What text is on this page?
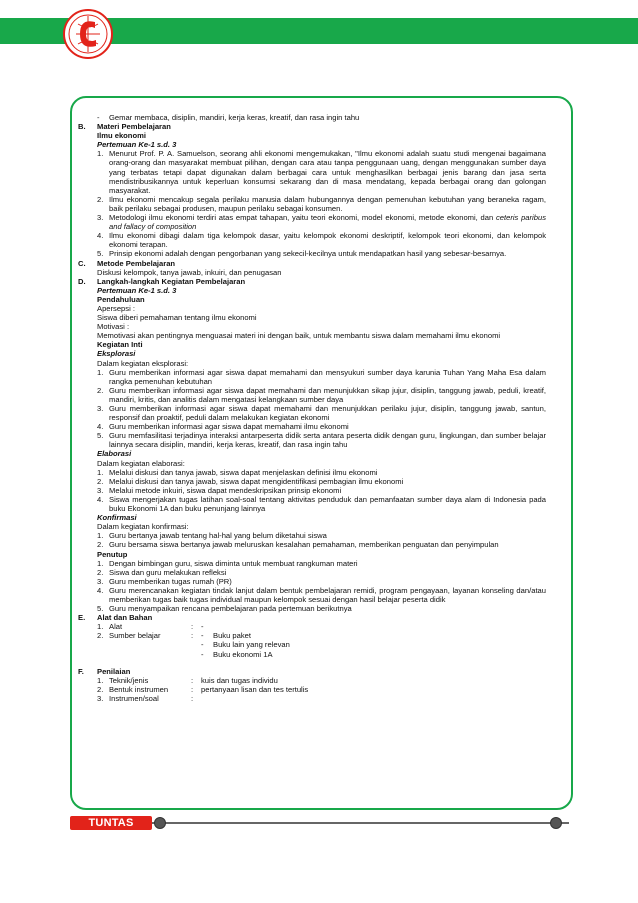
-	Gemar membaca, disiplin, mandiri, kerja keras, kreatif, dan rasa ingin tahu
B.	Materi Pembelajaran
Ilmu ekonomi
Pertemuan Ke-1 s.d. 3
1. Menurut Prof. P. A. Samuelson, seorang ahli ekonomi mengemukakan, "Ilmu ekonomi adalah suatu studi mengenai bagaimana orang-orang dan masyarakat membuat pilihan, dengan cara atau tanpa penggunaan uang, dengan menggunakan sumber daya yang terbatas tetapi dapat digunakan dalam berbagai cara untuk menghasilkan berbagai jenis barang dan jasa serta mendistribusikannya untuk keperluan konsumsi sekarang dan di masa mendatang, kepada berbagai orang dan golongan masyarakat.
2. Ilmu ekonomi mencakup segala perilaku manusia dalam hubungannya dengan pemenuhan kebutuhan yang beraneka ragam, baik perilaku sebagai produsen, maupun perilaku sebagai konsumen.
3. Metodologi ilmu ekonomi terdiri atas empat tahapan, yaitu teori ekonomi, model ekonomi, metode ekonomi, dan ceteris paribus and fallacy of composition
4. Ilmu ekonomi dibagi dalam tiga kelompok dasar, yaitu kelompok ekonomi deskriptif, kelompok teori ekonomi, dan kelompok ekonomi terapan.
5. Prinsip ekonomi adalah dengan pengorbanan yang sekecil-kecilnya untuk mendapatkan hasil yang sebesar-besarnya.
C.	Metode Pembelajaran
Diskusi kelompok, tanya jawab, inkuiri, dan penugasan
D.	Langkah-langkah Kegiatan Pembelajaran
Pertemuan Ke-1 s.d. 3
Pendahuluan
Apersepsi :
Siswa diberi pemahaman tentang ilmu ekonomi
Motivasi :
Memotivasi akan pentingnya menguasai materi ini dengan baik, untuk membantu siswa dalam memahami ilmu ekonomi
Kegiatan Inti
Eksplorasi
Dalam kegiatan eksplorasi:
1. Guru memberikan informasi agar siswa dapat memahami dan mensyukuri sumber daya karunia Tuhan Yang Maha Esa dalam rangka pemenuhan kebutuhan
2. Guru memberikan informasi agar siswa dapat memahami dan menunjukkan sikap jujur, disiplin, tanggung jawab, peduli, kreatif, mandiri, kritis, dan analitis dalam mengatasi kelangkaan sumber daya
3. Guru memberikan informasi agar siswa dapat memahami dan menunjukkan perilaku jujur, disiplin, tanggung jawab, santun, responsif dan proaktif, peduli dalam melakukan kegiatan ekonomi
4. Guru memberikan informasi agar siswa dapat memahami ilmu ekonomi
5. Guru memfasilitasi terjadinya interaksi antarpeserta didik serta antara peserta didik dengan guru, lingkungan, dan sumber belajar lainnya secara disiplin, mandiri, kerja keras, kreatif, dan rasa ingin tahu
Elaborasi
Dalam kegiatan elaborasi:
1. Melalui diskusi dan tanya jawab, siswa dapat menjelaskan definisi ilmu ekonomi
2. Melalui diskusi dan tanya jawab, siswa dapat mengidentifikasi pembagian ilmu ekonomi
3. Melalui metode inkuiri, siswa dapat mendeskripsikan prinsip ekonomi
4. Siswa mengerjakan tugas latihan soal-soal tentang aktivitas penduduk dan pemanfaatan sumber daya alam di Indonesia pada buku Ekonomi 1A dan buku penunjang lainnya
Konfirmasi
Dalam kegiatan konfirmasi:
1. Guru bertanya jawab tentang hal-hal yang belum diketahui siswa
2. Guru bersama siswa bertanya jawab meluruskan kesalahan pemahaman, memberikan penguatan dan penyimpulan
Penutup
1. Dengan bimbingan guru, siswa diminta untuk membuat rangkuman materi
2. Siswa dan guru melakukan refleksi
3. Guru memberikan tugas rumah (PR)
4. Guru merencanakan kegiatan tindak lanjut dalam bentuk pembelajaran remidi, program pengayaan, layanan konseling dan/atau memberikan tugas baik tugas individual maupun kelompok sesuai dengan hasil belajar peserta didik
5. Guru menyampaikan rencana pembelajaran pada pertemuan berikutnya
E.	Alat dan Bahan
1. Alat	:	-
2. Sumber belajar	:	- Buku paket
-	Buku lain yang relevan
-	Buku ekonomi 1A
F.	Penilaian
1. Teknik/jenis	:	kuis dan tugas individu
2. Bentuk instrumen	:	pertanyaan lisan dan tes tertulis
3. Instrumen/soal	:
TUNTAS
